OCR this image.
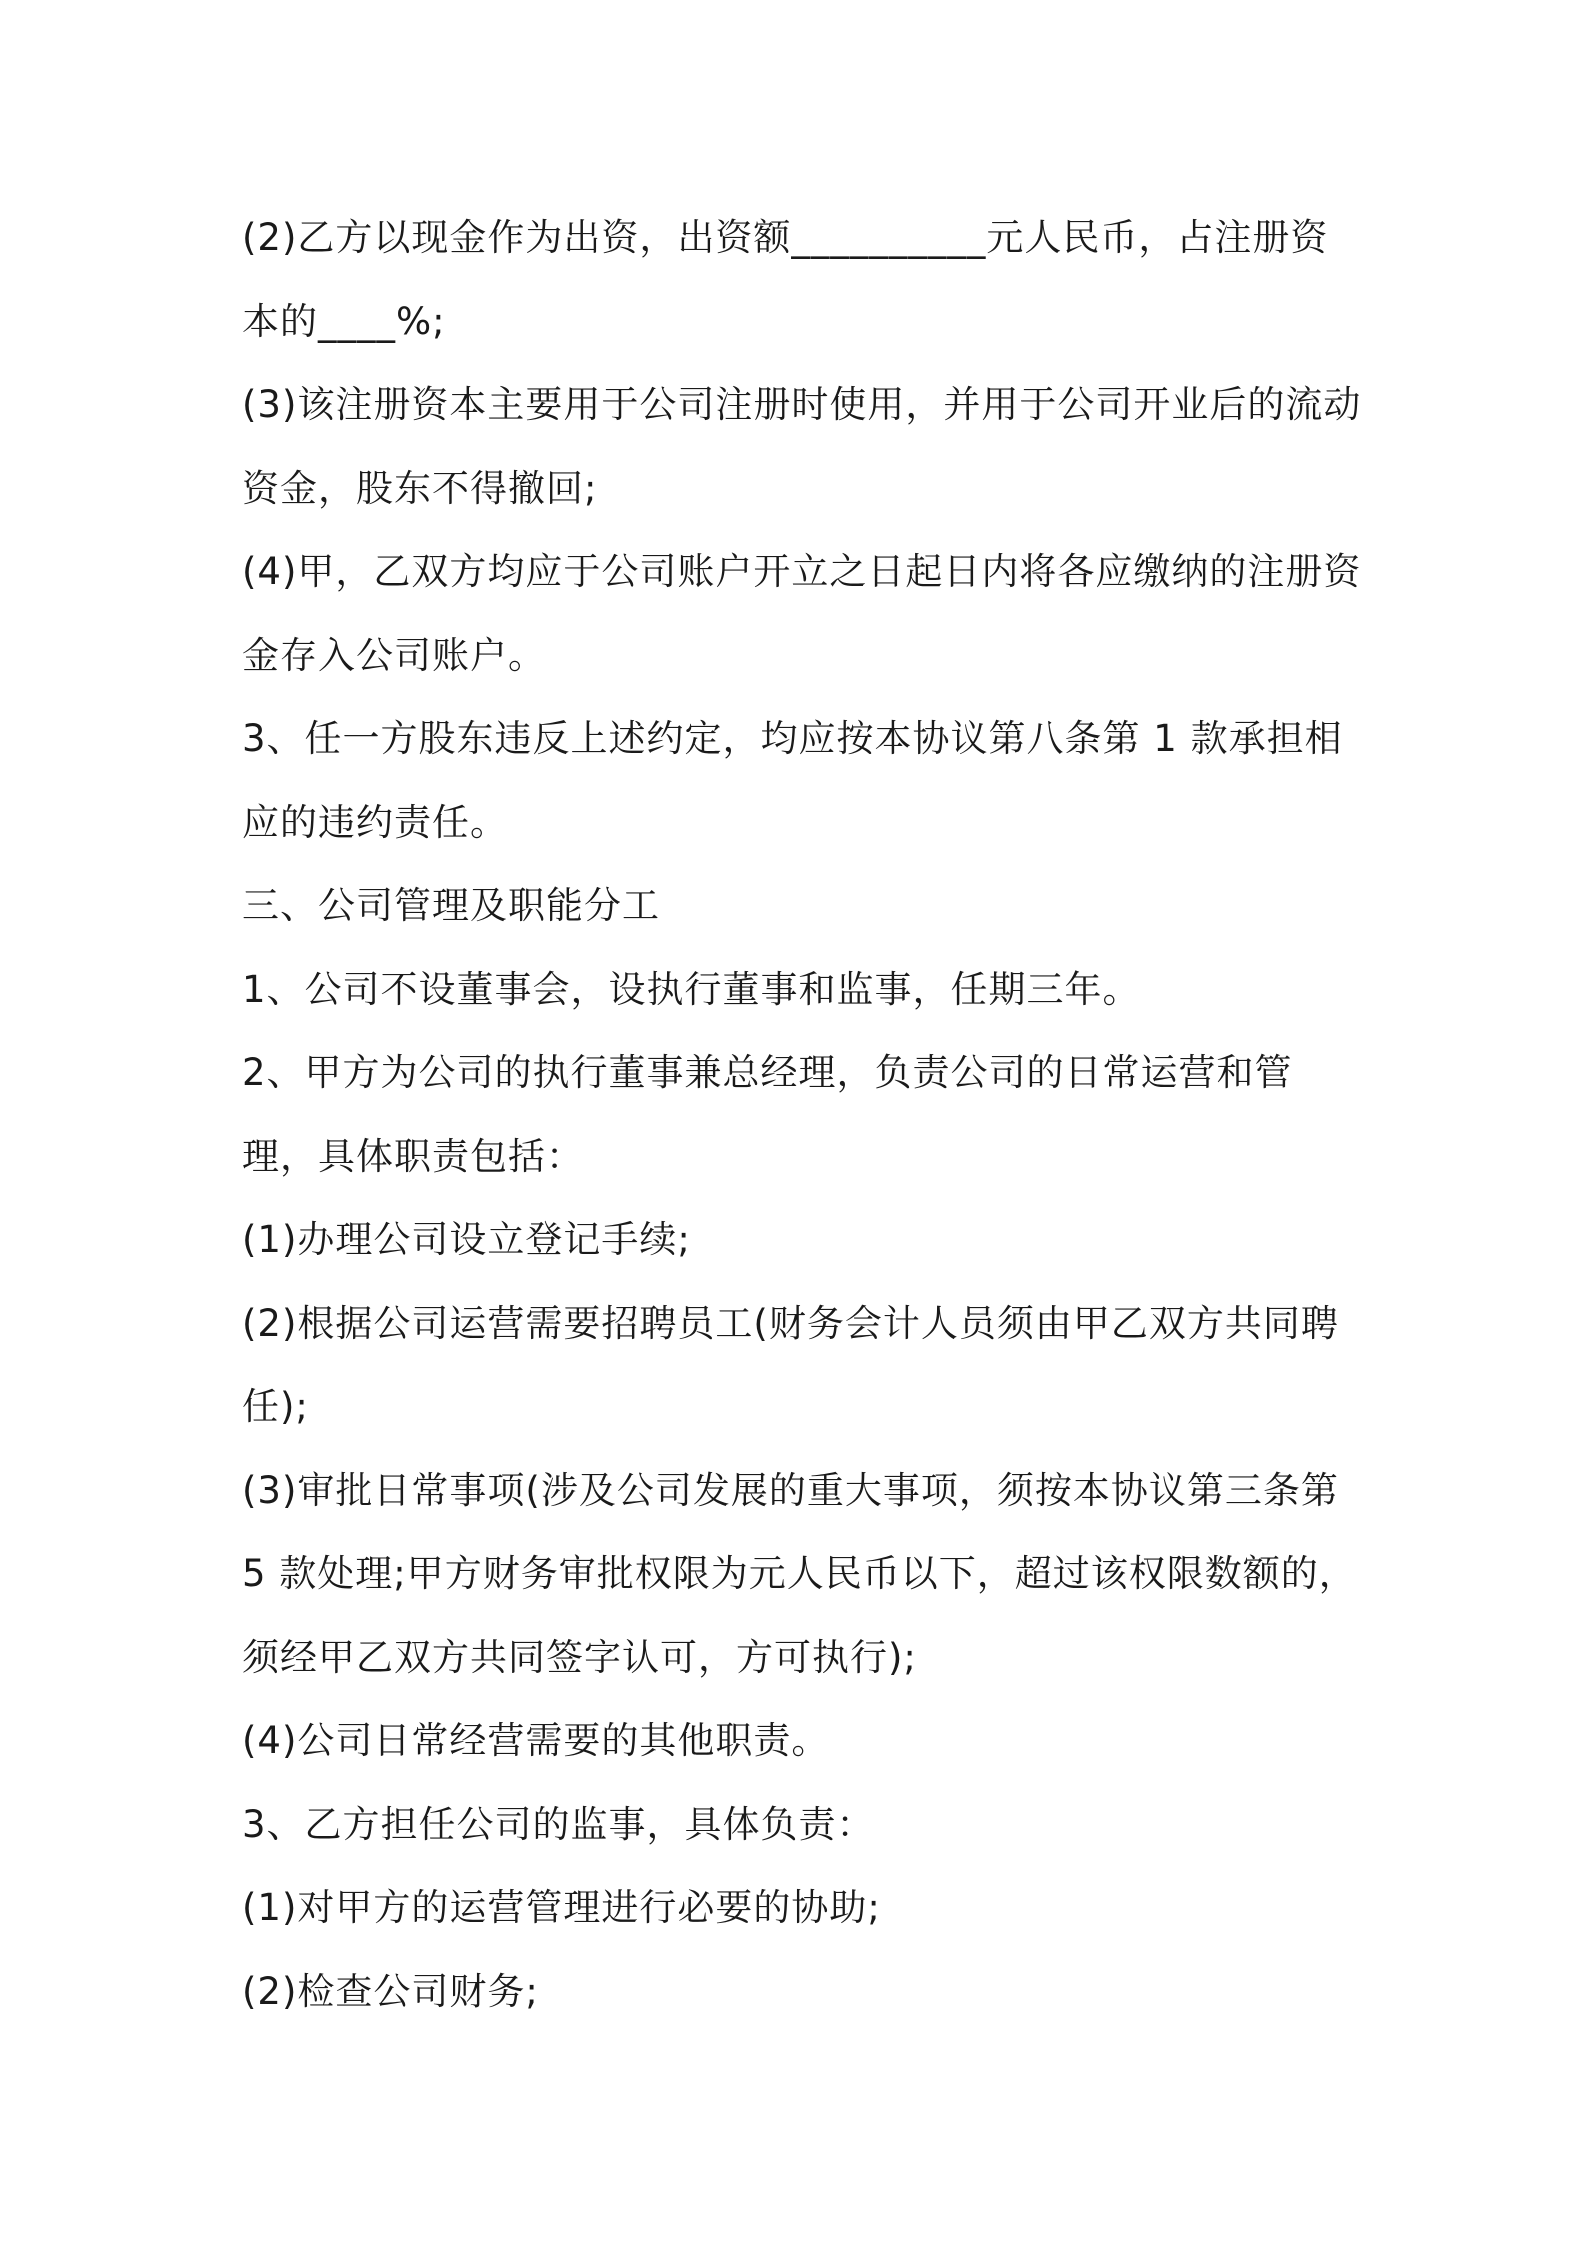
(2)乙方以现金作为出资，出资额__________元人民币，占注册资本的____%;

(3)该注册资本主要用于公司注册时使用，并用于公司开业后的流动资金，股东不得撤回;

(4)甲，乙双方均应于公司账户开立之日起日内将各应缴纳的注册资金存入公司账户。

3、任一方股东违反上述约定，均应按本协议第八条第 1 款承担相应的违约责任。

三、公司管理及职能分工

1、公司不设董事会，设执行董事和监事，任期三年。

2、甲方为公司的执行董事兼总经理，负责公司的日常运营和管理，具体职责包括：

(1)办理公司设立登记手续;

(2)根据公司运营需要招聘员工(财务会计人员须由甲乙双方共同聘任);

(3)审批日常事项(涉及公司发展的重大事项，须按本协议第三条第 5 款处理;甲方财务审批权限为元人民币以下，超过该权限数额的，须经甲乙双方共同签字认可，方可执行);

(4)公司日常经营需要的其他职责。

3、乙方担任公司的监事，具体负责：

(1)对甲方的运营管理进行必要的协助;

(2)检查公司财务;
